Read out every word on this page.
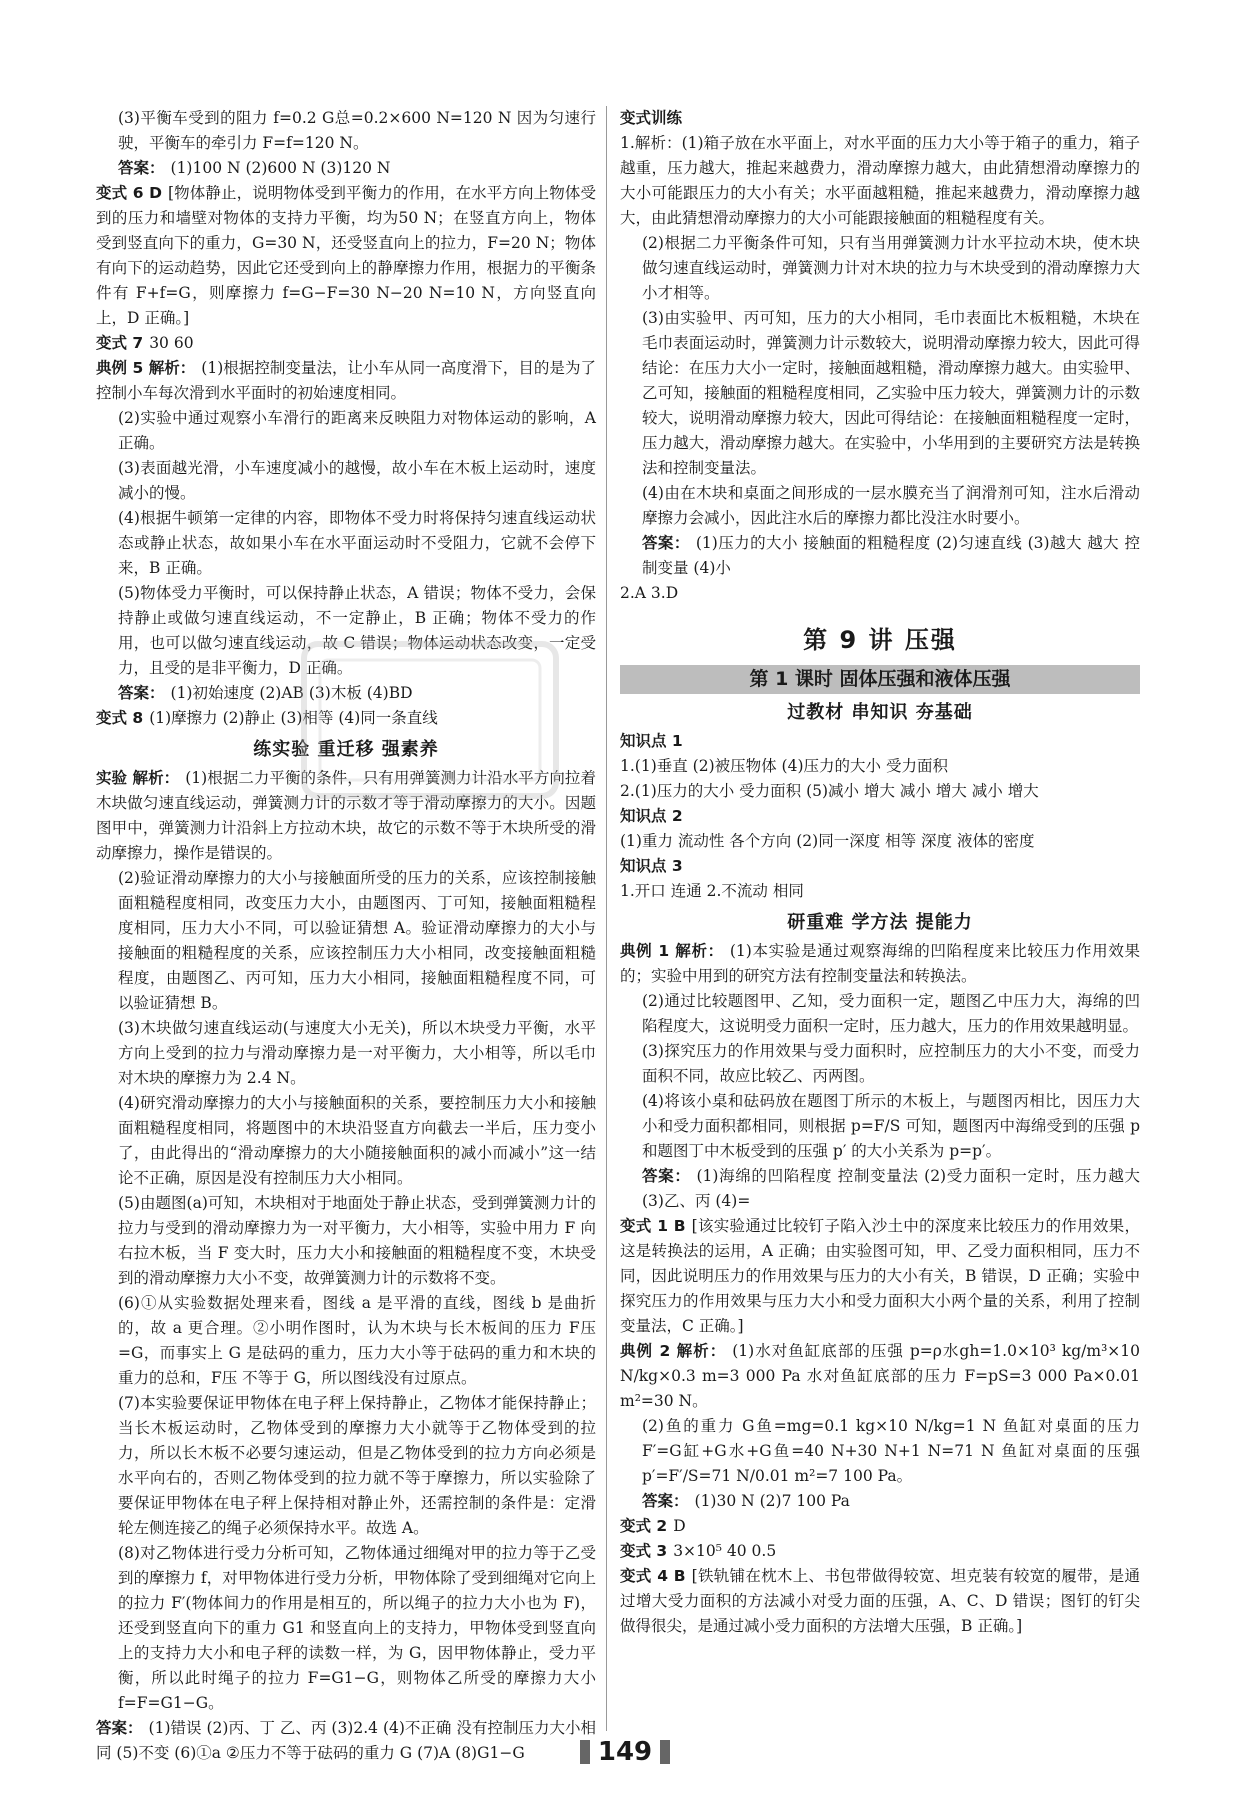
(3)平衡车受到的阻力 f=0.2 G总=0.2×600 N=120 N 因为匀速行驶，平衡车的牵引力 F=f=120 N。
答案： (1)100 N (2)600 N (3)120 N
变式 6 D [物体静止，说明物体受到平衡力的作用，在水平方向上物体受到的压力和墙壁对物体的支持力平衡，均为50 N；在竖直方向上，物体受到竖直向下的重力，G=30 N，还受竖直向上的拉力，F=20 N；物体有向下的运动趋势，因此它还受到向上的静摩擦力作用，根据力的平衡条件有 F+f=G，则摩擦力 f=G−F=30 N−20 N=10 N，方向竖直向上，D 正确。]
变式 7 30 60
典例 5 解析： (1)根据控制变量法，让小车从同一高度滑下，目的是为了控制小车每次滑到水平面时的初始速度相同。
(2)实验中通过观察小车滑行的距离来反映阻力对物体运动的影响，A 正确。
(3)表面越光滑，小车速度减小的越慢，故小车在木板上运动时，速度减小的慢。
(4)根据牛顿第一定律的内容，即物体不受力时将保持匀速直线运动状态或静止状态，故如果小车在水平面运动时不受阻力，它就不会停下来，B 正确。
(5)物体受力平衡时，可以保持静止状态，A 错误；物体不受力，会保持静止或做匀速直线运动，不一定静止，B 正确；物体不受力的作用，也可以做匀速直线运动，故 C 错误；物体运动状态改变，一定受力，且受的是非平衡力，D 正确。
答案： (1)初始速度 (2)AB (3)木板 (4)BD
变式 8 (1)摩擦力 (2)静止 (3)相等 (4)同一条直线
练实验 重迁移 强素养
实验 解析： (1)根据二力平衡的条件，只有用弹簧测力计沿水平方向拉着木块做匀速直线运动，弹簧测力计的示数才等于滑动摩擦力的大小。因题图甲中，弹簧测力计沿斜上方拉动木块，故它的示数不等于木块所受的滑动摩擦力，操作是错误的。
(2)验证滑动摩擦力的大小与接触面所受的压力的关系，应该控制接触面粗糙程度相同，改变压力大小，由题图丙、丁可知，接触面粗糙程度相同，压力大小不同，可以验证猜想 A。验证滑动摩擦力的大小与接触面的粗糙程度的关系，应该控制压力大小相同，改变接触面粗糙程度，由题图乙、丙可知，压力大小相同，接触面粗糙程度不同，可以验证猜想 B。
(3)木块做匀速直线运动(与速度大小无关)，所以木块受力平衡，水平方向上受到的拉力与滑动摩擦力是一对平衡力，大小相等，所以毛巾对木块的摩擦力为 2.4 N。
(4)研究滑动摩擦力的大小与接触面积的关系，要控制压力大小和接触面粗糙程度相同，将题图中的木块沿竖直方向截去一半后，压力变小了，由此得出的“滑动摩擦力的大小随接触面积的减小而减小”这一结论不正确，原因是没有控制压力大小相同。
(5)由题图(a)可知，木块相对于地面处于静止状态，受到弹簧测力计的拉力与受到的滑动摩擦力为一对平衡力，大小相等，实验中用力 F 向右拉木板，当 F 变大时，压力大小和接触面的粗糙程度不变，木块受到的滑动摩擦力大小不变，故弹簧测力计的示数将不变。
(6)①从实验数据处理来看，图线 a 是平滑的直线，图线 b 是曲折的，故 a 更合理。②小明作图时，认为木块与长木板间的压力 F压=G，而事实上 G 是砝码的重力，压力大小等于砝码的重力和木块的重力的总和，F压 不等于 G，所以图线没有过原点。
(7)本实验要保证甲物体在电子秤上保持静止，乙物体才能保持静止；当长木板运动时，乙物体受到的摩擦力大小就等于乙物体受到的拉力，所以长木板不必要匀速运动，但是乙物体受到的拉力方向必须是水平向右的，否则乙物体受到的拉力就不等于摩擦力，所以实验除了要保证甲物体在电子秤上保持相对静止外，还需控制的条件是：定滑轮左侧连接乙的绳子必须保持水平。故选 A。
(8)对乙物体进行受力分析可知，乙物体通过细绳对甲的拉力等于乙受到的摩擦力 f，对甲物体进行受力分析，甲物体除了受到细绳对它向上的拉力 F′(物体间力的作用是相互的，所以绳子的拉力大小也为 F)，还受到竖直向下的重力 G1 和竖直向上的支持力，甲物体受到竖直向上的支持力大小和电子秤的读数一样，为 G，因甲物体静止，受力平衡，所以此时绳子的拉力 F=G1−G，则物体乙所受的摩擦力大小 f=F=G1−G。
答案： (1)错误 (2)丙、丁 乙、丙 (3)2.4 (4)不正确 没有控制压力大小相同 (5)不变 (6)①a ②压力不等于砝码的重力 G (7)A (8)G1−G
变式训练
1.解析：(1)箱子放在水平面上，对水平面的压力大小等于箱子的重力，箱子越重，压力越大，推起来越费力，滑动摩擦力越大，由此猜想滑动摩擦力的大小可能跟压力的大小有关；水平面越粗糙，推起来越费力，滑动摩擦力越大，由此猜想滑动摩擦力的大小可能跟接触面的粗糙程度有关。
(2)根据二力平衡条件可知，只有当用弹簧测力计水平拉动木块，使木块做匀速直线运动时，弹簧测力计对木块的拉力与木块受到的滑动摩擦力大小才相等。
(3)由实验甲、丙可知，压力的大小相同，毛巾表面比木板粗糙，木块在毛巾表面运动时，弹簧测力计示数较大，说明滑动摩擦力较大，因此可得结论：在压力大小一定时，接触面越粗糙，滑动摩擦力越大。由实验甲、乙可知，接触面的粗糙程度相同，乙实验中压力较大，弹簧测力计的示数较大，说明滑动摩擦力较大，因此可得结论：在接触面粗糙程度一定时，压力越大，滑动摩擦力越大。在实验中，小华用到的主要研究方法是转换法和控制变量法。
(4)由在木块和桌面之间形成的一层水膜充当了润滑剂可知，注水后滑动摩擦力会减小，因此注水后的摩擦力都比没注水时要小。
答案： (1)压力的大小 接触面的粗糙程度 (2)匀速直线 (3)越大 越大 控制变量 (4)小
2.A 3.D
第 9 讲 压强
第 1 课时 固体压强和液体压强
过教材 串知识 夯基础
知识点 1
1.(1)垂直 (2)被压物体 (4)压力的大小 受力面积
2.(1)压力的大小 受力面积 (5)减小 增大 减小 增大 减小 增大
知识点 2
(1)重力 流动性 各个方向 (2)同一深度 相等 深度 液体的密度
知识点 3
1.开口 连通 2.不流动 相同
研重难 学方法 提能力
典例 1 解析： (1)本实验是通过观察海绵的凹陷程度来比较压力作用效果的；实验中用到的研究方法有控制变量法和转换法。
(2)通过比较题图甲、乙知，受力面积一定，题图乙中压力大，海绵的凹陷程度大，这说明受力面积一定时，压力越大，压力的作用效果越明显。
(3)探究压力的作用效果与受力面积时，应控制压力的大小不变，而受力面积不同，故应比较乙、丙两图。
(4)将该小桌和砝码放在题图丁所示的木板上，与题图丙相比，因压力大小和受力面积都相同，则根据 p=F/S 可知，题图丙中海绵受到的压强 p 和题图丁中木板受到的压强 p′ 的大小关系为 p=p′。
答案： (1)海绵的凹陷程度 控制变量法 (2)受力面积一定时，压力越大 (3)乙、丙 (4)=
变式 1 B [该实验通过比较钉子陷入沙土中的深度来比较压力的作用效果，这是转换法的运用，A 正确；由实验图可知，甲、乙受力面积相同，压力不同，因此说明压力的作用效果与压力的大小有关，B 错误，D 正确；实验中探究压力的作用效果与压力大小和受力面积大小两个量的关系，利用了控制变量法，C 正确。]
典例 2 解析： (1)水对鱼缸底部的压强 p=ρ水gh=1.0×10³ kg/m³×10 N/kg×0.3 m=3 000 Pa 水对鱼缸底部的压力 F=pS=3 000 Pa×0.01 m²=30 N。
(2)鱼的重力 G鱼=mg=0.1 kg×10 N/kg=1 N 鱼缸对桌面的压力 F′=G缸+G水+G鱼=40 N+30 N+1 N=71 N 鱼缸对桌面的压强 p′=F′/S=71 N/0.01 m²=7 100 Pa。
答案： (1)30 N (2)7 100 Pa
变式 2 D
变式 3 3×10⁵ 40 0.5
变式 4 B [铁轨铺在枕木上、书包带做得较宽、坦克装有较宽的履带，是通过增大受力面积的方法减小对受力面的压强，A、C、D 错误；图钉的钉尖做得很尖，是通过减小受力面积的方法增大压强，B 正确。]
149
